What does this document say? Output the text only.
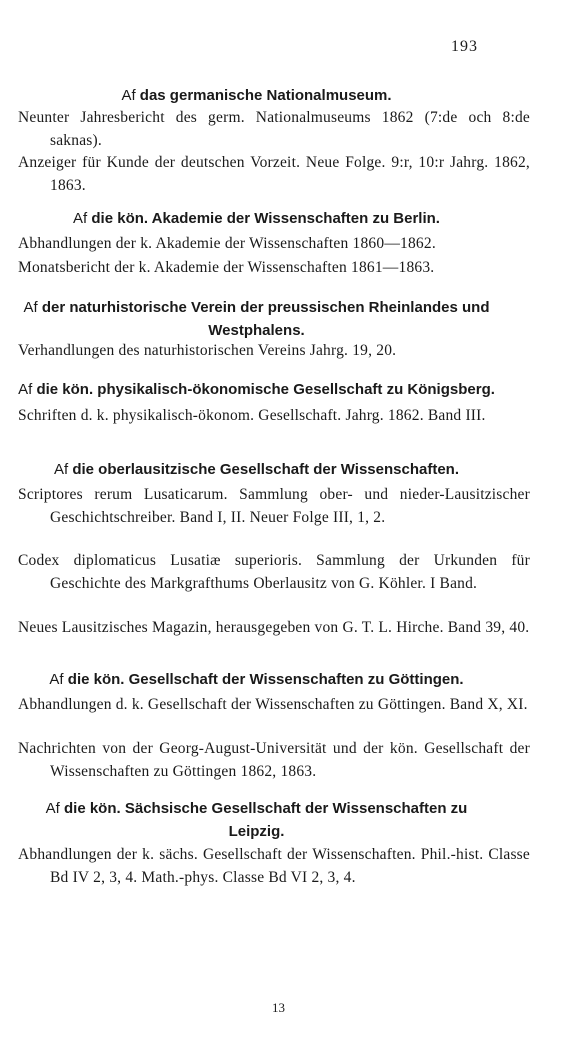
193
Af das germanische Nationalmuseum.
Neunter Jahresbericht des germ. Nationalmuseums 1862 (7:de och 8:de saknas).
Anzeiger für Kunde der deutschen Vorzeit. Neue Folge. 9:r, 10:r Jahrg. 1862, 1863.
Af die kön. Akademie der Wissenschaften zu Berlin.
Abhandlungen der k. Akademie der Wissenschaften 1860—1862.
Monatsbericht der k. Akademie der Wissenschaften 1861—1863.
Af der naturhistorische Verein der preussischen Rheinlandes und Westphalens.
Verhandlungen des naturhistorischen Vereins Jahrg. 19, 20.
Af die kön. physikalisch-ökonomische Gesellschaft zu Königsberg.
Schriften d. k. physikalisch-ökonom. Gesellschaft. Jahrg. 1862. Band III.
Af die oberlausitzische Gesellschaft der Wissenschaften.
Scriptores rerum Lusaticarum. Sammlung ober- und nieder-Lausitzischer Geschichtschreiber. Band I, II. Neuer Folge III, 1, 2.
Codex diplomaticus Lusatiæ superioris. Sammlung der Urkunden für Geschichte des Markgrafthums Oberlausitz von G. Köhler. I Band.
Neues Lausitzisches Magazin, herausgegeben von G. T. L. Hirche. Band 39, 40.
Af die kön. Gesellschaft der Wissenschaften zu Göttingen.
Abhandlungen d. k. Gesellschaft der Wissenschaften zu Göttingen. Band X, XI.
Nachrichten von der Georg-August-Universität und der kön. Gesellschaft der Wissenschaften zu Göttingen 1862, 1863.
Af die kön. Sächsische Gesellschaft der Wissenschaften zu Leipzig.
Abhandlungen der k. sächs. Gesellschaft der Wissenschaften. Phil.-hist. Classe Bd IV 2, 3, 4. Math.-phys. Classe Bd VI 2, 3, 4.
13
